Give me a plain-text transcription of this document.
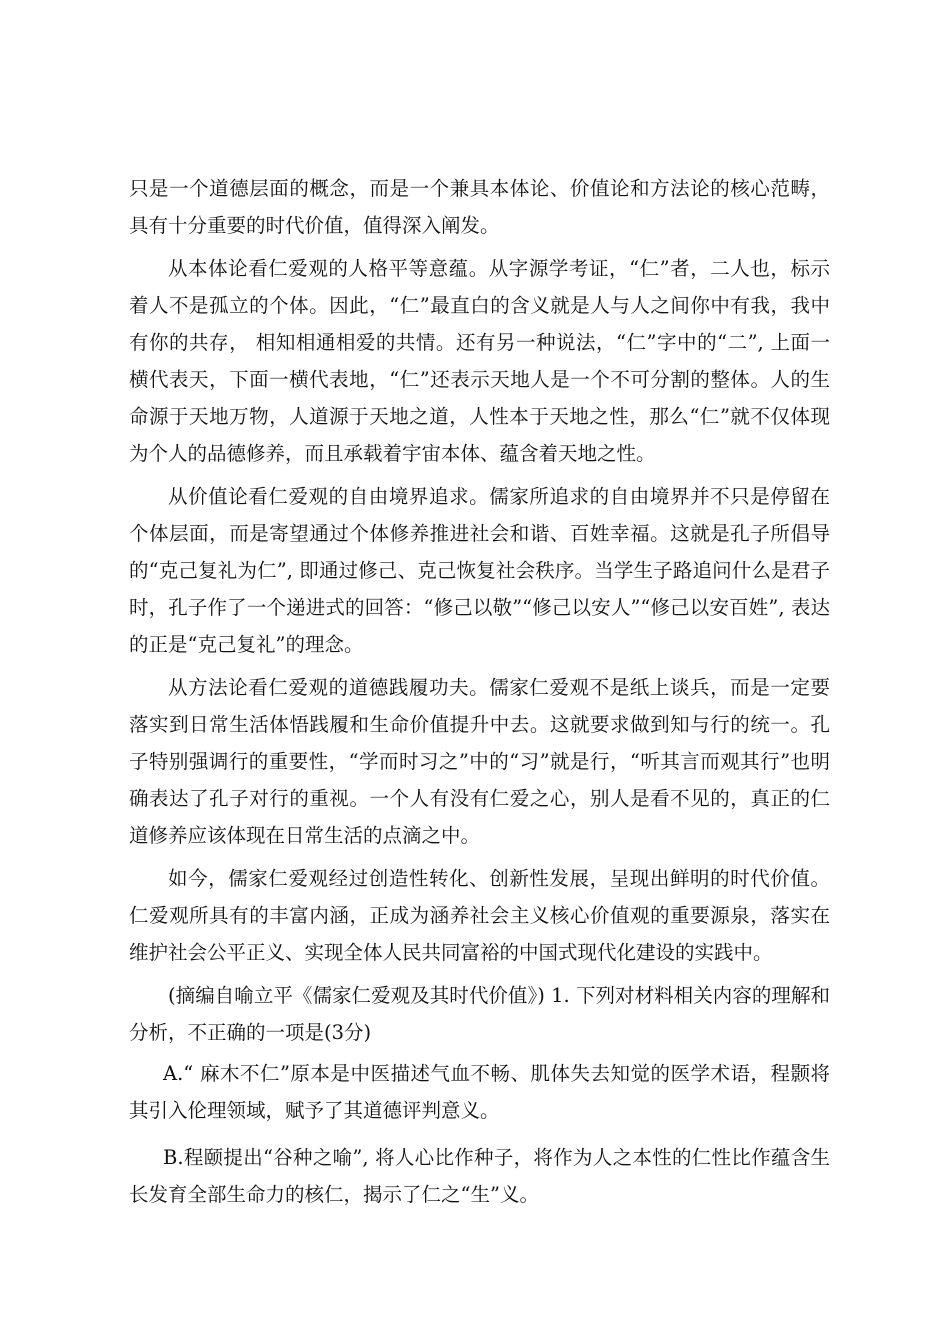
只是一个道德层面的概念，而是一个兼具本体论、价值论和方法论的核心范畴，具有十分重要的时代价值，值得深入阐发。

从本体论看仁爱观的人格平等意蕴。从字源学考证，“仁”者，二人也，标示着人不是孤立的个体。因此，“仁”最直白的含义就是人与人之间你中有我，我中有你的共存， 相知相通相爱的共情。还有另一种说法，“仁”字中的“二”, 上面一横代表天，下面一横代表地，“仁”还表示天地人是一个不可分割的整体。人的生命源于天地万物，人道源于天地之道，人性本于天地之性，那么“仁”就不仅体现为个人的品德修养，而且承载着宇宙本体、蕴含着天地之性。

从价值论看仁爱观的自由境界追求。儒家所追求的自由境界并不只是停留在个体层面，而是寄望通过个体修养推进社会和谐、百姓幸福。这就是孔子所倡导的“克己复礼为仁”, 即通过修己、克己恢复社会秩序。当学生子路追问什么是君子时，孔子作了一个递进式的回答：“修己以敬”“修己以安人”“修己以安百姓”, 表达的正是“克己复礼”的理念。

从方法论看仁爱观的道德践履功夫。儒家仁爱观不是纸上谈兵，而是一定要落实到日常生活体悟践履和生命价值提升中去。这就要求做到知与行的统一。孔子特别强调行的重要性，“学而时习之”中的“习”就是行，“听其言而观其行”也明确表达了孔子对行的重视。一个人有没有仁爱之心，别人是看不见的，真正的仁道修养应该体现在日常生活的点滴之中。

如今，儒家仁爱观经过创造性转化、创新性发展，呈现出鲜明的时代价值。仁爱观所具有的丰富内涵，正成为涵养社会主义核心价值观的重要源泉，落实在维护社会公平正义、实现全体人民共同富裕的中国式现代化建设的实践中。

(摘编自喻立平《儒家仁爱观及其时代价值》) 1. 下列对材料相关内容的理解和分析，不正确的一项是(3分)

A.“ 麻木不仁”原本是中医描述气血不畅、肌体失去知觉的医学术语，程颢将其引入伦理领域，赋予了其道德评判意义。

B.程颐提出“谷种之喻”, 将人心比作种子，将作为人之本性的仁性比作蕴含生长发育全部生命力的核仁，揭示了仁之“生”义。
